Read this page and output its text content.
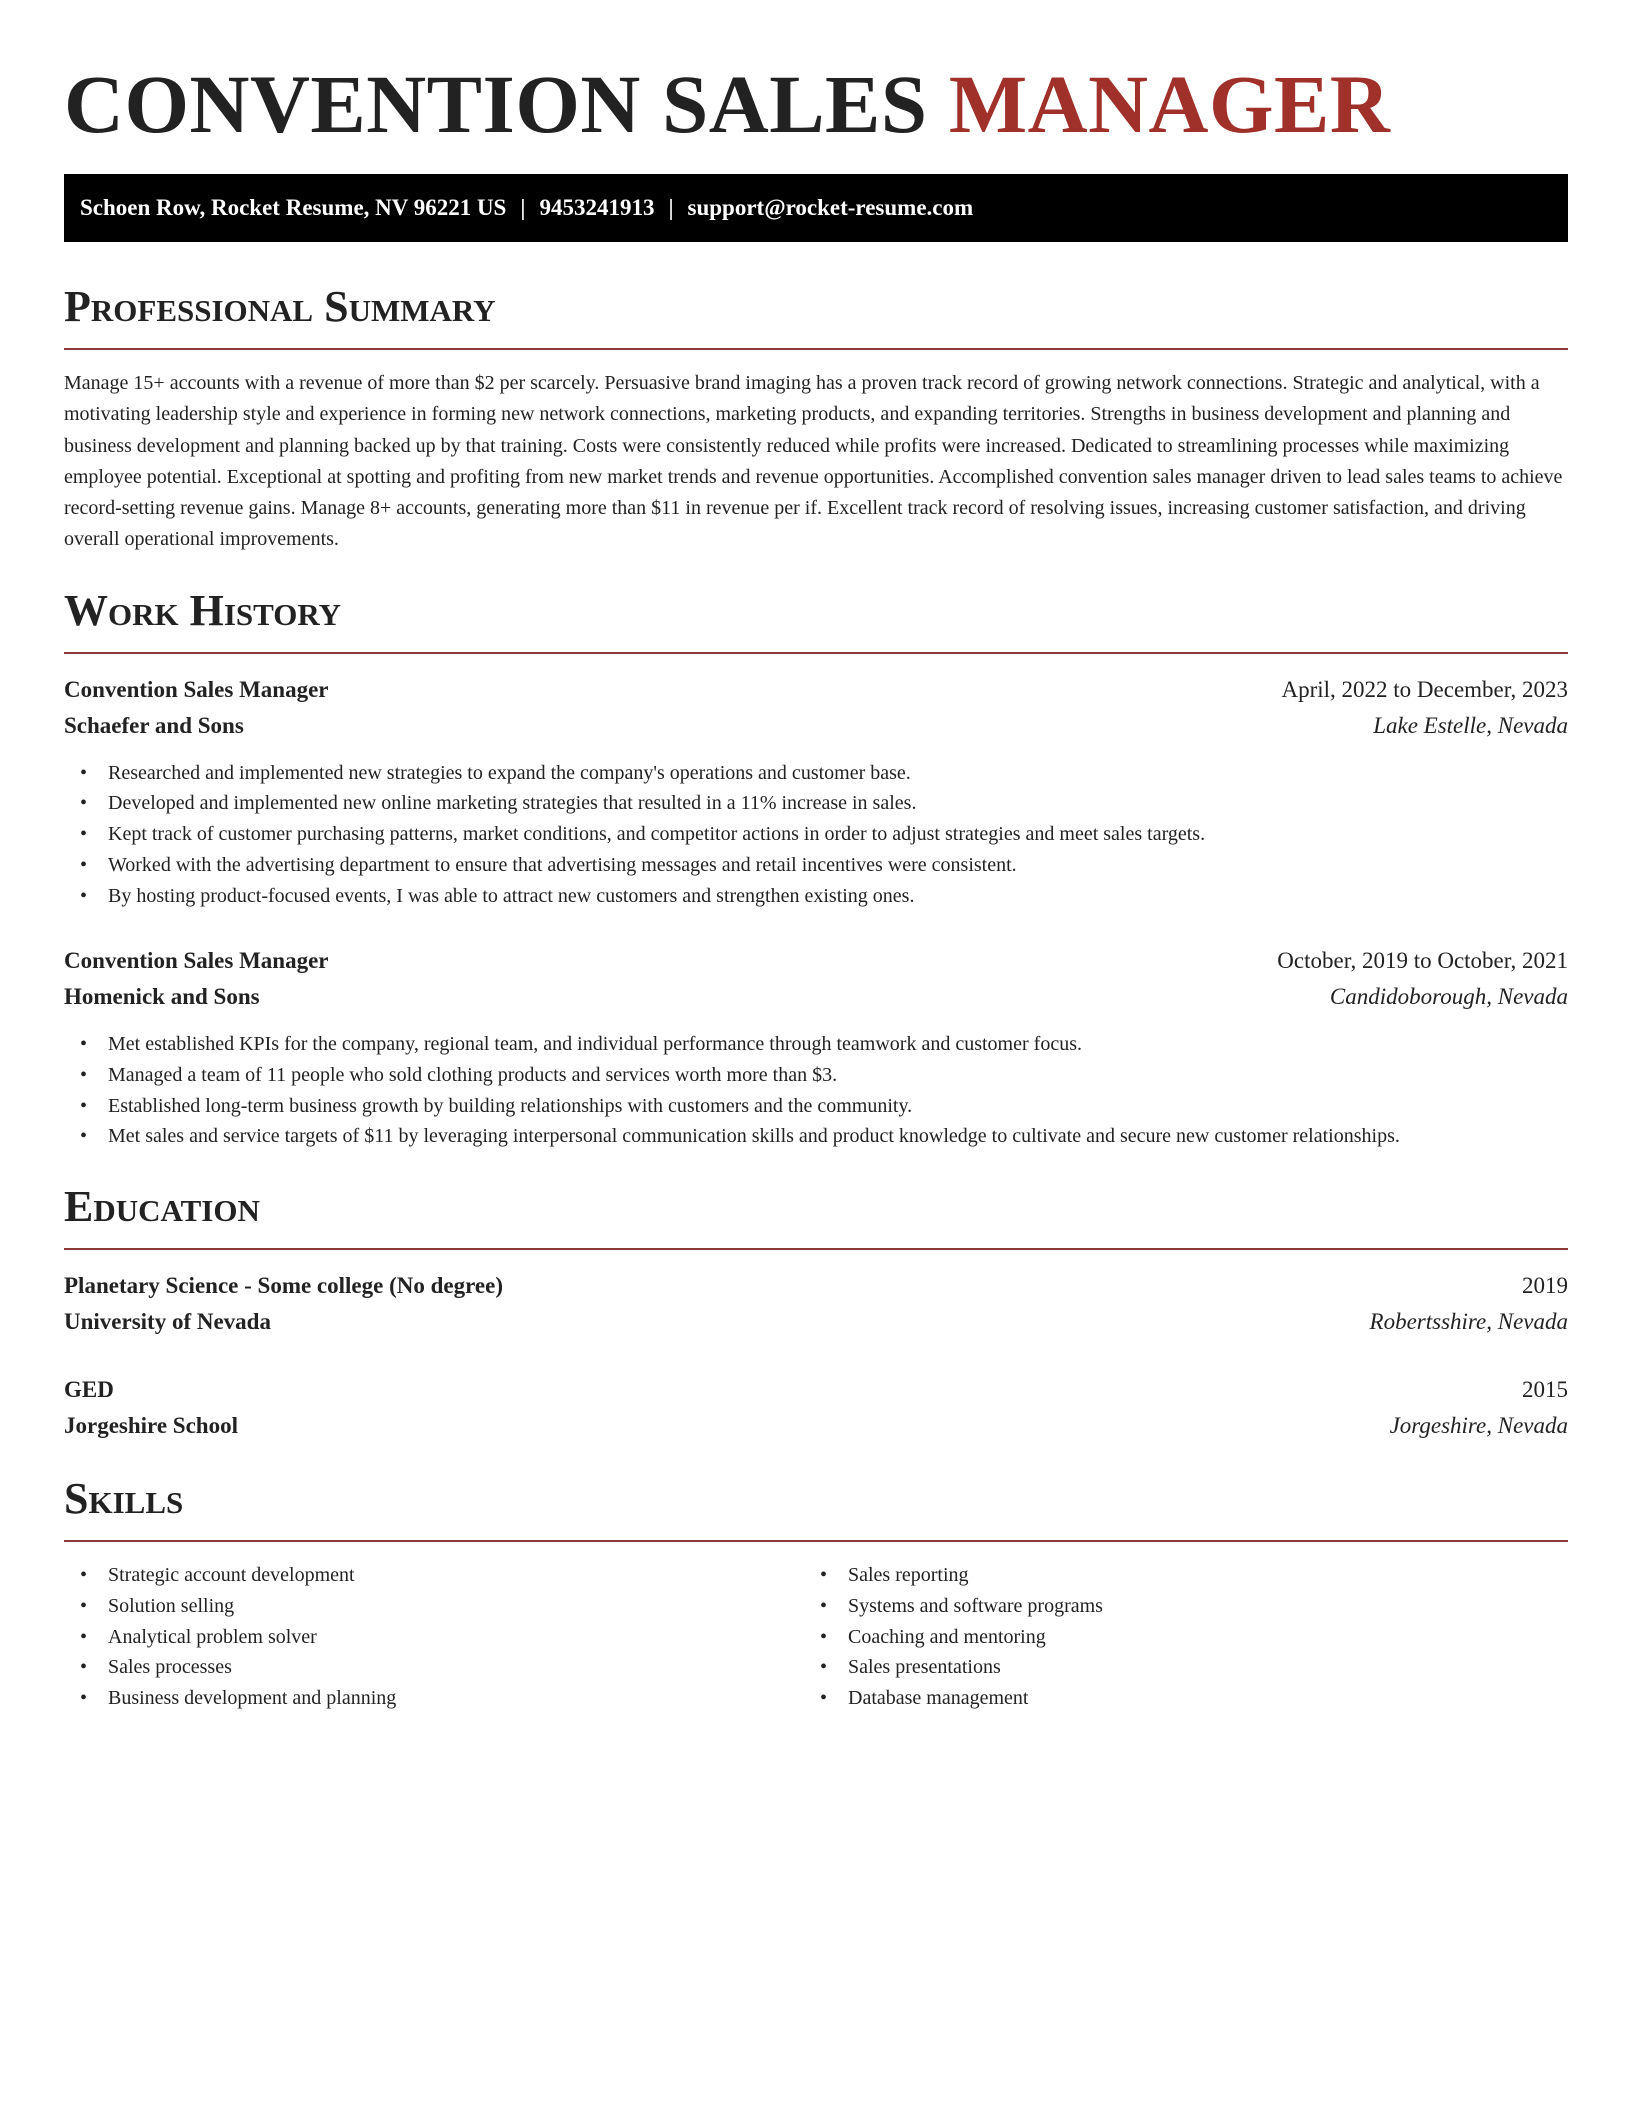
CONVENTION SALES MANAGER
Schoen Row, Rocket Resume, NV 96221 US | 9453241913 | support@rocket-resume.com
Professional Summary

Manage 15+ accounts with a revenue of more than $2 per scarcely. Persuasive brand imaging has a proven track record of growing network connections. Strategic and analytical, with a motivating leadership style and experience in forming new network connections, marketing products, and expanding territories. Strengths in business development and planning and business development and planning backed up by that training. Costs were consistently reduced while profits were increased. Dedicated to streamlining processes while maximizing employee potential. Exceptional at spotting and profiting from new market trends and revenue opportunities. Accomplished convention sales manager driven to lead sales teams to achieve record-setting revenue gains. Manage 8+ accounts, generating more than $11 in revenue per if. Excellent track record of resolving issues, increasing customer satisfaction, and driving overall operational improvements.

Work History
Convention Sales Manager	April, 2022 to December, 2023
Schaefer and Sons	Lake Estelle, Nevada
• Researched and implemented new strategies to expand the company's operations and customer base.
• Developed and implemented new online marketing strategies that resulted in a 11% increase in sales.
• Kept track of customer purchasing patterns, market conditions, and competitor actions in order to adjust strategies and meet sales targets.
• Worked with the advertising department to ensure that advertising messages and retail incentives were consistent.
• By hosting product-focused events, I was able to attract new customers and strengthen existing ones.
Convention Sales Manager	October, 2019 to October, 2021
Homenick and Sons	Candidoborough, Nevada
• Met established KPIs for the company, regional team, and individual performance through teamwork and customer focus.
• Managed a team of 11 people who sold clothing products and services worth more than $3.
• Established long-term business growth by building relationships with customers and the community.
• Met sales and service targets of $11 by leveraging interpersonal communication skills and product knowledge to cultivate and secure new customer relationships.
Education
Planetary Science - Some college (No degree)	2019
University of Nevada	Robertsshire, Nevada
GED	2015
Jorgeshire School	Jorgeshire, Nevada
Skills
• Strategic account development
• Solution selling
• Analytical problem solver
• Sales processes
• Business development and planning
• Sales reporting
• Systems and software programs
• Coaching and mentoring
• Sales presentations
• Database management
